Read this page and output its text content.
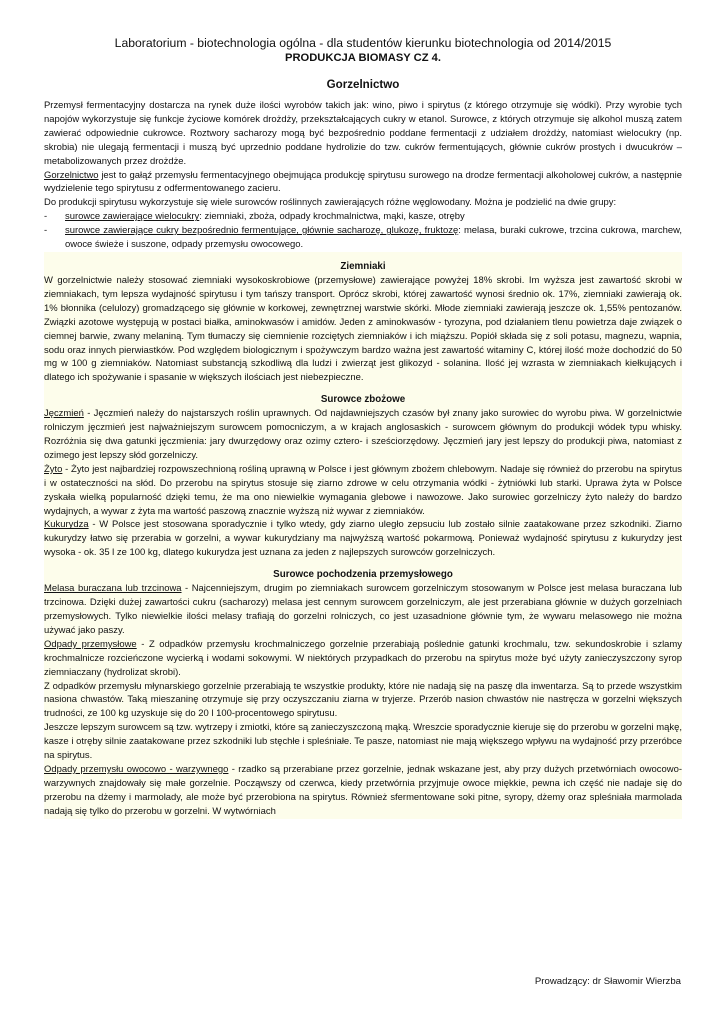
Laboratorium - biotechnologia ogólna - dla studentów kierunku biotechnologia od 2014/2015
PRODUKCJA BIOMASY CZ 4.
Gorzelnictwo

Przemysł fermentacyjny dostarcza na rynek duże ilości wyrobów takich jak: wino, piwo i spirytus (z którego otrzymuje się wódki). Przy wyrobie tych napojów wykorzystuje się funkcje życiowe komórek drożdży, przekształcających cukry w etanol. Surowce, z których otrzymuje się alkohol muszą zatem zawierać odpowiednie cukrowce. Roztwory sacharozy mogą być bezpośrednio poddane fermentacji z udziałem drożdży, natomiast wielocukry (np. skrobia) nie ulegają fermentacji i muszą być uprzednio poddane hydrolizie do tzw. cukrów fermentujących, głównie cukrów prostych i dwucukrów – metabolizowanych przez drożdże.

Gorzelnictwo jest to gałąź przemysłu fermentacyjnego obejmująca produkcję spirytusu surowego na drodze fermentacji alkoholowej cukrów, a następnie wydzielenie tego spirytusu z odfermentowanego zacieru.

Do produkcji spirytusu wykorzystuje się wiele surowców roślinnych zawierających różne węglowodany. Można je podzielić na dwie grupy:

- surowce zawierające wielocukry: ziemniaki, zboża, odpady krochmalnictwa, mąki, kasze, otręby
- surowce zawierające cukry bezpośrednio fermentujące, głównie sacharozę, glukozę, fruktozę: melasa, buraki cukrowe, trzcina cukrowa, marchew, owoce świeże i suszone, odpady przemysłu owocowego.
Ziemniaki

W gorzelnictwie należy stosować ziemniaki wysokoskrobiowe (przemysłowe) zawierające powyżej 18% skrobi. Im wyższa jest zawartość skrobi w ziemniakach, tym lepsza wydajność spirytusu i tym tańszy transport. Oprócz skrobi, której zawartość wynosi średnio ok. 17%, ziemniaki zawierają ok. 1% błonnika (celulozy) gromadzącego się głównie w korkowej, zewnętrznej warstwie skórki. Młode ziemniaki zawierają jeszcze ok. 1,55% pentozanów. Związki azotowe występują w postaci białka, aminokwasów i amidów. Jeden z aminokwasów - tyrozyna, pod działaniem tlenu powietrza daje związek o ciemnej barwie, zwany melaniną. Tym tłumaczy się ciemnienie rozciętych ziemniaków i ich miąższu. Popiół składa się z soli potasu, magnezu, wapnia, sodu oraz innych pierwiastków. Pod względem biologicznym i spożywczym bardzo ważna jest zawartość witaminy C, której ilość może dochodzić do 50 mg w 100 g ziemniaków. Natomiast substancją szkodliwą dla ludzi i zwierząt jest glikozyd - solanina. Ilość jej wzrasta w ziemniakach kiełkujących i dlatego ich spożywanie i spasanie w większych ilościach jest niebezpieczne.

Surowce zbożowe

Jęczmień - Jęczmień należy do najstarszych roślin uprawnych. Od najdawniejszych czasów był znany jako surowiec do wyrobu piwa. W gorzelnictwie rolniczym jęczmień jest najważniejszym surowcem pomocniczym, a w krajach anglosaskich - surowcem głównym do produkcji wódek typu whisky. Rozróżnia się dwa gatunki jęczmienia: jary dwurzędowy oraz ozimy cztero- i sześciorzędowy. Jęczmień jary jest lepszy do produkcji piwa, natomiast z ozimego jest lepszy słód gorzelniczy.

Żyto - Żyto jest najbardziej rozpowszechnioną rośliną uprawną w Polsce i jest głównym zbożem chlebowym. Nadaje się również do przerobu na spirytus i w ostateczności na słód. Do przerobu na spirytus stosuje się ziarno zdrowe w celu otrzymania wódki - żytniówki lub starki. Uprawa żyta w Polsce zyskała wielką popularność dzięki temu, że ma ono niewielkie wymagania glebowe i nawozowe. Jako surowiec gorzelniczy żyto należy do bardzo wydajnych, a wywar z żyta ma wartość paszową znacznie wyższą niż wywar z ziemniaków.

Kukurydza - W Polsce jest stosowana sporadycznie i tylko wtedy, gdy ziarno uległo zepsuciu lub zostało silnie zaatakowane przez szkodniki. Ziarno kukurydzy łatwo się przerabia w gorzelni, a wywar kukurydziany ma najwyższą wartość pokarmową. Ponieważ wydajność spirytusu z kukurydzy jest wysoka - ok. 35 l ze 100 kg, dlatego kukurydza jest uznana za jeden z najlepszych surowców gorzelniczych.

Surowce pochodzenia przemysłowego

Melasa buraczana lub trzcinowa - Najcenniejszym, drugim po ziemniakach surowcem gorzelniczym stosowanym w Polsce jest melasa buraczana lub trzcinowa. Dzięki dużej zawartości cukru (sacharozy) melasa jest cennym surowcem gorzelniczym, ale jest przerabiana głównie w dużych gorzelniach przemysłowych. Tylko niewielkie ilości melasy trafiają do gorzelni rolniczych, co jest uzasadnione głównie tym, że wywaru melasowego nie można używać jako paszy.

Odpady przemysłowe - Z odpadków przemysłu krochmalniczego gorzelnie przerabiają poślednie gatunki krochmalu, tzw. sekundoskrobie i szlamy krochmalnicze rozcieńczone wycierką i wodami sokowymi. W niektórych przypadkach do przerobu na spirytus może być użyty zanieczyszczony syrop ziemniaczany (hydrolizat skrobi).

Z odpadków przemysłu młynarskiego gorzelnie przerabiają te wszystkie produkty, które nie nadają się na paszę dla inwentarza. Są to przede wszystkim nasiona chwastów. Taką mieszaninę otrzymuje się przy oczyszczaniu ziarna w tryjerze. Przerób nasion chwastów nie nastręcza w gorzelni większych trudności, ze 100 kg uzyskuje się do 20 l 100-procentowego spirytusu.

Jeszcze lepszym surowcem są tzw. wytrzepy i zmiotki, które są zanieczyszczoną mąką. Wreszcie sporadycznie kieruje się do przerobu w gorzelni mąkę, kasze i otręby silnie zaatakowane przez szkodniki lub stęchłe i spleśniałe. Te pasze, natomiast nie mają większego wpływu na wydajność przy przeróbce na spirytus.

Odpady przemysłu owocowo - warzywnego - rzadko są przerabiane przez gorzelnie, jednak wskazane jest, aby przy dużych przetwórniach owocowo-warzywnych znajdowały się małe gorzelnie. Począwszy od czerwca, kiedy przetwórnia przyjmuje owoce miękkie, pewna ich część nie nadaje się do przerobu na dżemy i marmolady, ale może być przerobiona na spirytus. Również sfermentowane soki pitne, syropy, dżemy oraz spleśniała marmolada nadają się tylko do przerobu w gorzelni. W wytwórniach

Prowadzący: dr Sławomir Wierzba
